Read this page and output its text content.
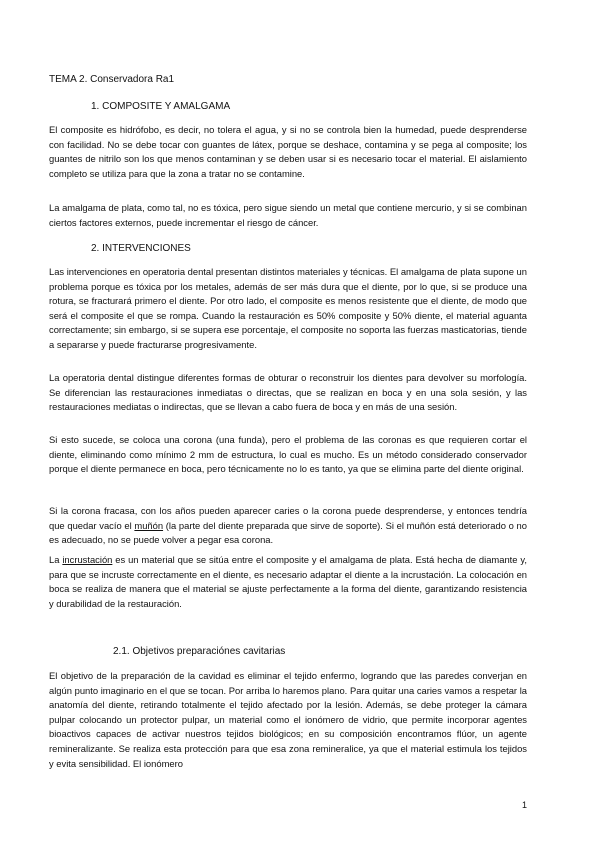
TEMA 2. Conservadora Ra1
1. COMPOSITE Y AMALGAMA

El composite es hidrófobo, es decir, no tolera el agua, y si no se controla bien la humedad, puede desprenderse con facilidad. No se debe tocar con guantes de látex, porque se deshace, contamina y se pega al composite; los guantes de nitrilo son los que menos contaminan y se deben usar si es necesario tocar el material. El aislamiento completo se utiliza para que la zona a tratar no se contamine.

La amalgama de plata, como tal, no es tóxica, pero sigue siendo un metal que contiene mercurio, y si se combinan ciertos factores externos, puede incrementar el riesgo de cáncer.

2. INTERVENCIONES

Las intervenciones en operatoria dental presentan distintos materiales y técnicas. El amalgama de plata supone un problema porque es tóxica por los metales, además de ser más dura que el diente, por lo que, si se produce una rotura, se fracturará primero el diente. Por otro lado, el composite es menos resistente que el diente, de modo que será el composite el que se rompa. Cuando la restauración es 50% composite y 50% diente, el material aguanta correctamente; sin embargo, si se supera ese porcentaje, el composite no soporta las fuerzas masticatorias, tiende a separarse y puede fracturarse progresivamente.

La operatoria dental distingue diferentes formas de obturar o reconstruir los dientes para devolver su morfología. Se diferencian las restauraciones inmediatas o directas, que se realizan en boca y en una sola sesión, y las restauraciones mediatas o indirectas, que se llevan a cabo fuera de boca y en más de una sesión.

Si esto sucede, se coloca una corona (una funda), pero el problema de las coronas es que requieren cortar el diente, eliminando como mínimo 2 mm de estructura, lo cual es mucho. Es un método considerado conservador porque el diente permanece en boca, pero técnicamente no lo es tanto, ya que se elimina parte del diente original.

Si la corona fracasa, con los años pueden aparecer caries o la corona puede desprenderse, y entonces tendría que quedar vacío el muñón (la parte del diente preparada que sirve de soporte). Si el muñón está deteriorado o no es adecuado, no se puede volver a pegar esa corona.

La incrustación es un material que se sitúa entre el composite y el amalgama de plata. Está hecha de diamante y, para que se incruste correctamente en el diente, es necesario adaptar el diente a la incrustación. La colocación en boca se realiza de manera que el material se ajuste perfectamente a la forma del diente, garantizando resistencia y durabilidad de la restauración.

2.1. Objetivos preparaciónes cavitarias

El objetivo de la preparación de la cavidad es eliminar el tejido enfermo, logrando que las paredes converjan en algún punto imaginario en el que se tocan. Por arriba lo haremos plano. Para quitar una caries vamos a respetar la anatomía del diente, retirando totalmente el tejido afectado por la lesión. Además, se debe proteger la cámara pulpar colocando un protector pulpar, un material como el ionómero de vidrio, que permite incorporar agentes bioactivos capaces de activar nuestros tejidos biológicos; en su composición encontramos flúor, un agente remineralizante. Se realiza esta protección para que esa zona remineralice, ya que el material estimula los tejidos y evita sensibilidad. El ionómero

1
